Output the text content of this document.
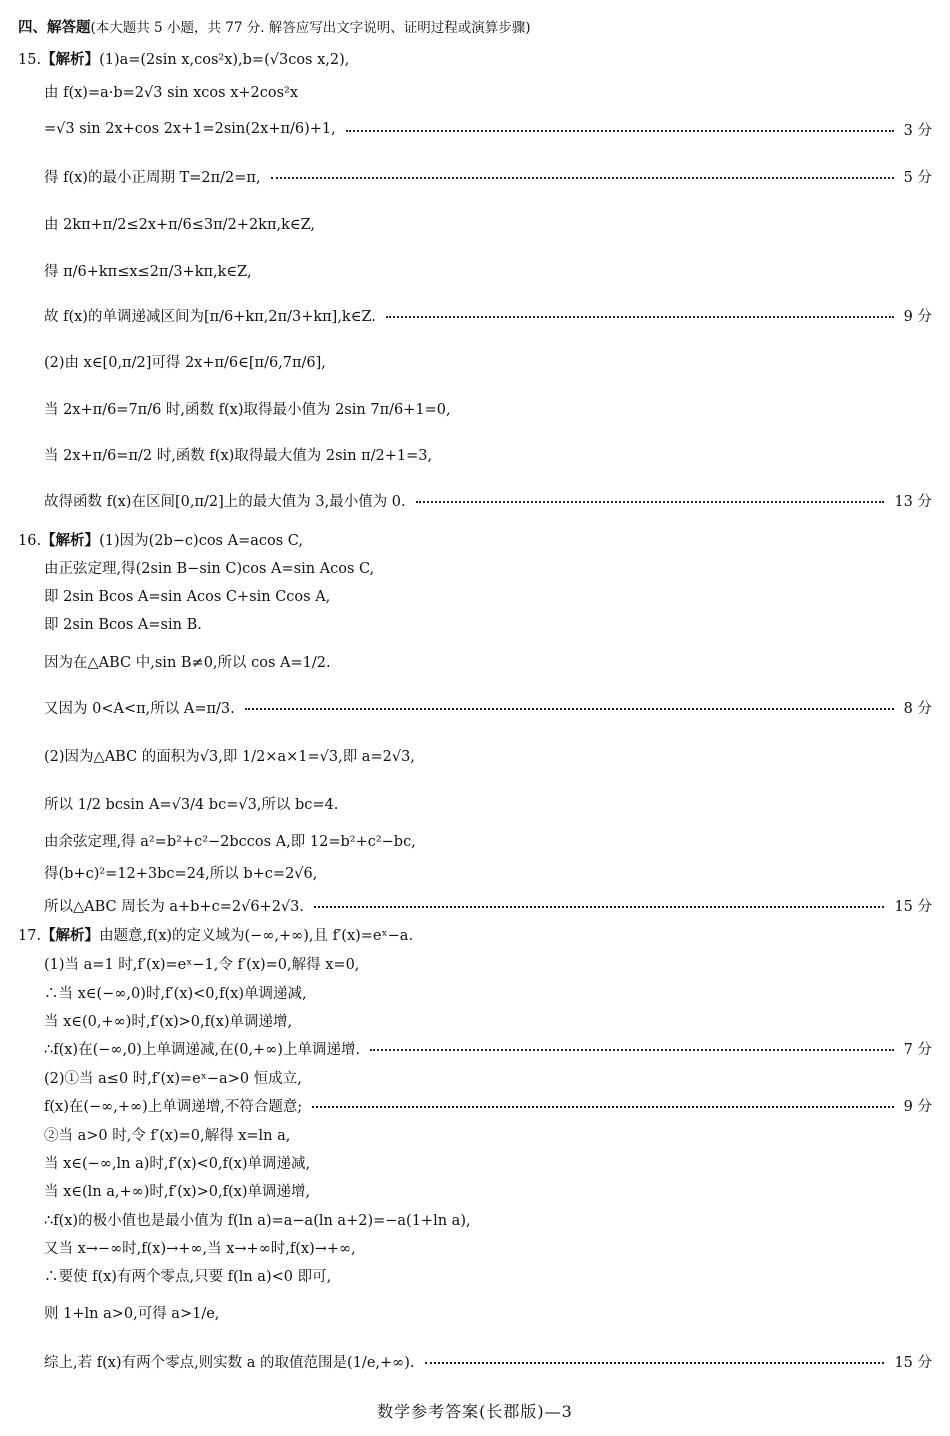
四、解答题(本大题共 5 小题，共 77 分. 解答应写出文字说明、证明过程或演算步骤)
15.【解析】(1)a=(2sin x,cos²x),b=(√3cos x,2),
由 f(x)=a·b=2√3 sin xcos x+2cos²x
=√3 sin 2x+cos 2x+1=2sin(2x+π/6)+1,	3 分
得 f(x)的最小正周期 T=2π/2=π,	5 分
由 2kπ+π/2≤2x+π/6≤3π/2+2kπ,k∈Z,
得 π/6+kπ≤x≤2π/3+kπ,k∈Z,
故 f(x)的单调递减区间为[π/6+kπ,2π/3+kπ],k∈Z.	9 分
(2)由 x∈[0,π/2]可得 2x+π/6∈[π/6,7π/6],
当 2x+π/6=7π/6 时,函数 f(x)取得最小值为 2sin 7π/6+1=0,
当 2x+π/6=π/2 时,函数 f(x)取得最大值为 2sin π/2+1=3,
故得函数 f(x)在区间[0,π/2]上的最大值为 3,最小值为 0.	13 分
16.【解析】(1)因为(2b−c)cos A=acos C,
由正弦定理,得(2sin B−sin C)cos A=sin Acos C,
即 2sin Bcos A=sin Acos C+sin Ccos A,
即 2sin Bcos A=sin B.
因为在△ABC 中,sin B≠0,所以 cos A=1/2.
又因为 0<A<π,所以 A=π/3.	8 分
(2)因为△ABC 的面积为√3,即 1/2×a×1=√3,即 a=2√3,
所以 1/2 bcsin A=√3/4 bc=√3,所以 bc=4.
由余弦定理,得 a²=b²+c²−2bccos A,即 12=b²+c²−bc,
得(b+c)²=12+3bc=24,所以 b+c=2√6,
所以△ABC 周长为 a+b+c=2√6+2√3.	15 分
17.【解析】由题意,f(x)的定义域为(−∞,+∞),且 f′(x)=eˣ−a.
(1)当 a=1 时,f′(x)=eˣ−1,令 f′(x)=0,解得 x=0,
∴当 x∈(−∞,0)时,f′(x)<0,f(x)单调递减,
当 x∈(0,+∞)时,f′(x)>0,f(x)单调递增,
∴f(x)在(−∞,0)上单调递减,在(0,+∞)上单调递增.	7 分
(2)①当 a≤0 时,f′(x)=eˣ−a>0 恒成立,
f(x)在(−∞,+∞)上单调递增,不符合题意;	9 分
②当 a>0 时,令 f′(x)=0,解得 x=ln a,
当 x∈(−∞,ln a)时,f′(x)<0,f(x)单调递减,
当 x∈(ln a,+∞)时,f′(x)>0,f(x)单调递增,
∴f(x)的极小值也是最小值为 f(ln a)=a−a(ln a+2)=−a(1+ln a),
又当 x→−∞时,f(x)→+∞,当 x→+∞时,f(x)→+∞,
∴要使 f(x)有两个零点,只要 f(ln a)<0 即可,
则 1+ln a>0,可得 a>1/e,
综上,若 f(x)有两个零点,则实数 a 的取值范围是(1/e,+∞).	15 分
数学参考答案(长郡版)—3
